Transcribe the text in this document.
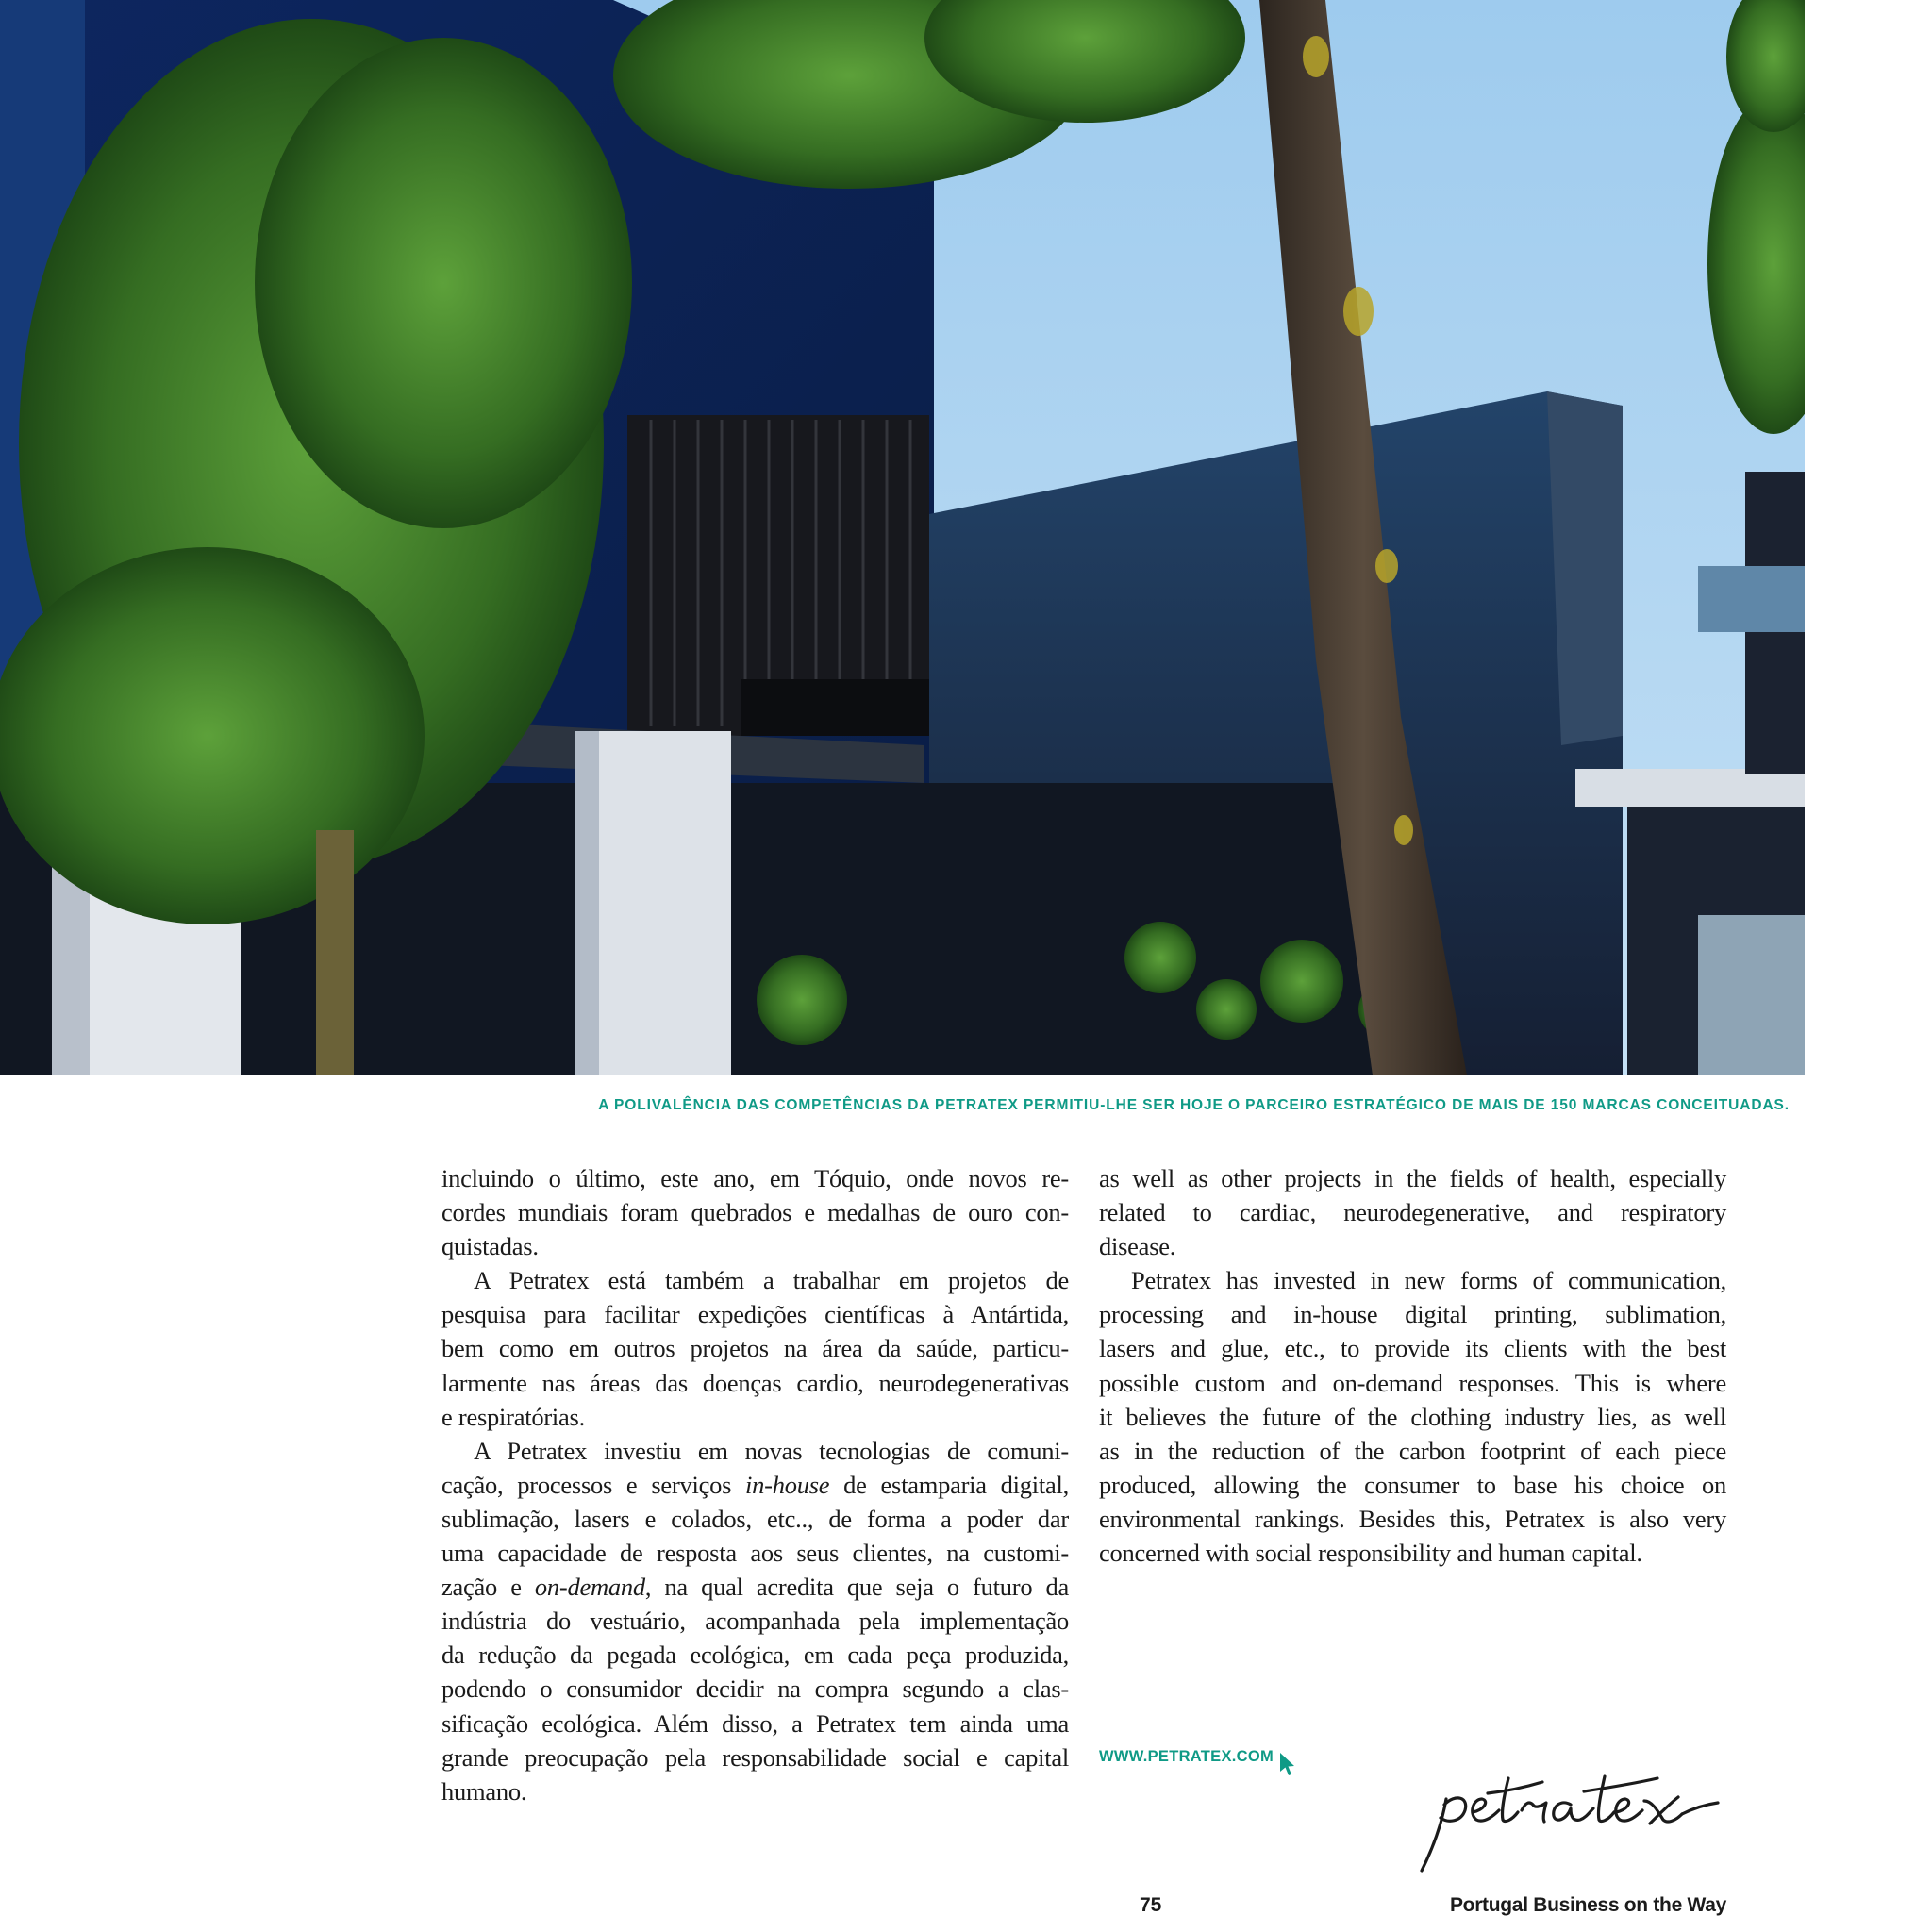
A POLIVALÊNCIA DAS COMPETÊNCIAS DA PETRATEX PERMITIU-LHE SER HOJE O PARCEIRO ESTRATÉGICO DE MAIS DE 150 MARCAS CONCEITUADAS.

incluindo o último, este ano, em Tóquio, onde novos re-
cordes mundiais foram quebrados e medalhas de ouro con-
quistadas.

A Petratex está também a trabalhar em projetos de
pesquisa para facilitar expedições científicas à Antártida,
bem como em outros projetos na área da saúde, particu-
larmente nas áreas das doenças cardio, neurodegenerativas
e respiratórias.

A Petratex investiu em novas tecnologias de comuni-
cação, processos e serviços in-house de estamparia digital,
sublimação, lasers e colados, etc.., de forma a poder dar
uma capacidade de resposta aos seus clientes, na customi-
zação e on-demand, na qual acredita que seja o futuro da
indústria do vestuário, acompanhada pela implementação
da redução da pegada ecológica, em cada peça produzida,
podendo o consumidor decidir na compra segundo a clas-
sificação ecológica. Além disso, a Petratex tem ainda uma
grande preocupação pela responsabilidade social e capital
humano.

as well as other projects in the fields of health, especially
related to cardiac, neurodegenerative, and respiratory
disease.

Petratex has invested in new forms of communication,
processing and in-house digital printing, sublimation,
lasers and glue, etc., to provide its clients with the best
possible custom and on-demand responses. This is where
it believes the future of the clothing industry lies, as well
as in the reduction of the carbon footprint of each piece
produced, allowing the consumer to base his choice on
environmental rankings. Besides this, Petratex is also very
concerned with social responsibility and human capital.

WWW.PETRATEX.COM
75	Portugal Business on the Way
